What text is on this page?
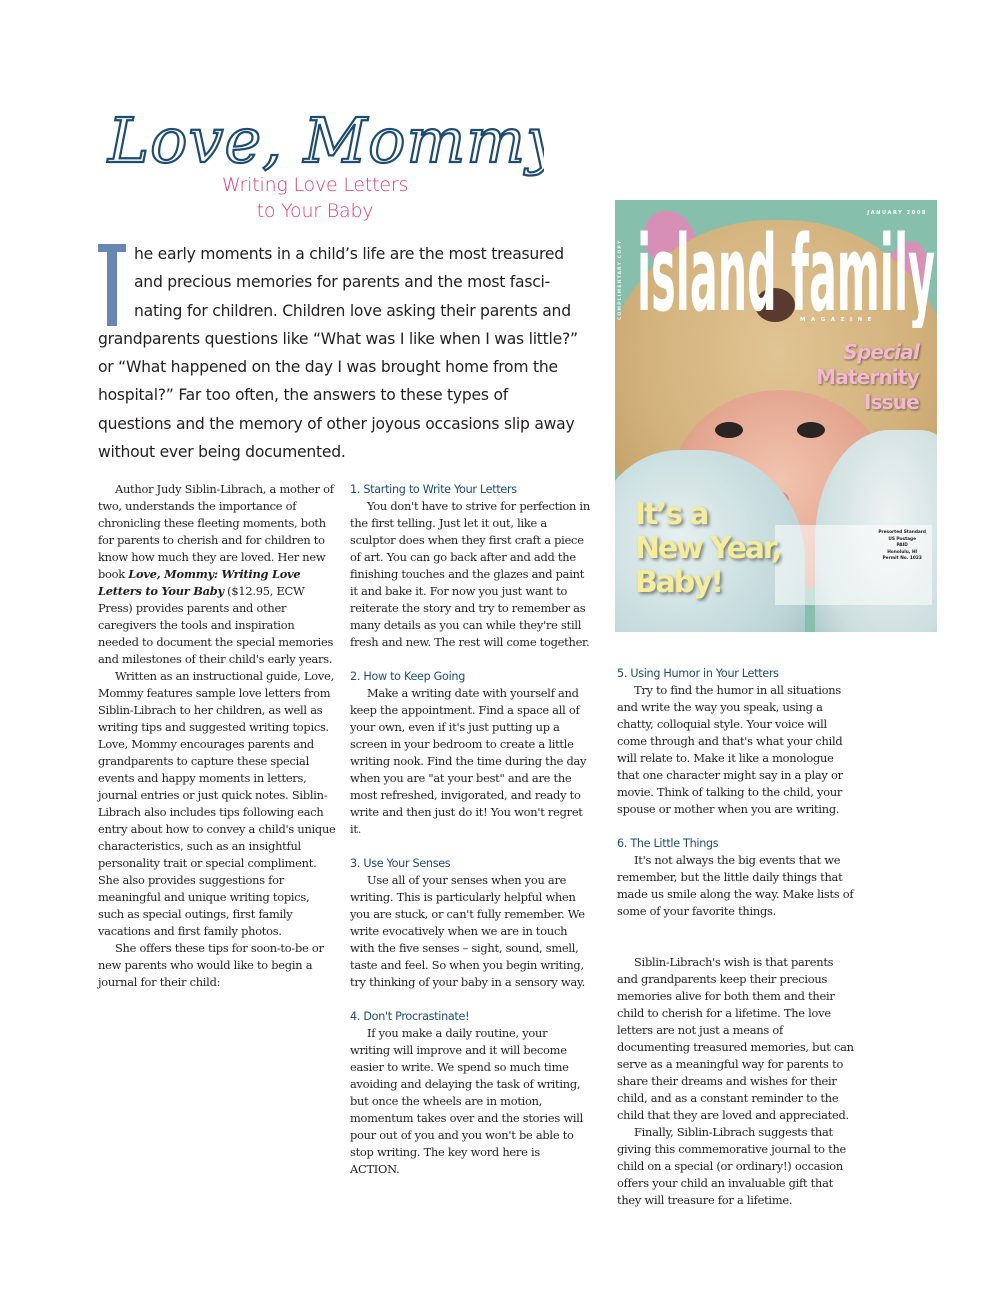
Love, Mommy
Writing Love Letters
to Your Baby

he early moments in a child’s life are the most treasured and precious memories for parents and the most fasci-nating for children. Children love asking their parents and grandparents questions like “What was I like when I was little?” or “What happened on the day I was brought home from the hospital?” Far too often, the answers to these types of questions and the memory of other joyous occasions slip away without ever being documented.

Author Judy Siblin-Librach, a mother of two, understands the importance of chronicling these fleeting moments, both for parents to cherish and for children to know how much they are loved. Her new book Love, Mommy: Writing Love Letters to Your Baby ($12.95, ECW Press) provides parents and other caregivers the tools and inspiration needed to document the special memories and milestones of their child's early years.

Written as an instructional guide, Love, Mommy features sample love letters from Siblin-Librach to her children, as well as writing tips and suggested writing topics. Love, Mommy encourages parents and grandparents to capture these special events and happy moments in letters, journal entries or just quick notes. Siblin-Librach also includes tips following each entry about how to convey a child's unique characteristics, such as an insightful personality trait or special compliment. She also provides suggestions for meaningful and unique writing topics, such as special outings, first family vacations and first family photos.

She offers these tips for soon-to-be or new parents who would like to begin a journal for their child:

1. Starting to Write Your Letters

You don't have to strive for perfection in the first telling. Just let it out, like a sculptor does when they first craft a piece of art. You can go back after and add the finishing touches and the glazes and paint it and bake it. For now you just want to reiterate the story and try to remember as many details as you can while they're still fresh and new. The rest will come together.

2. How to Keep Going

Make a writing date with yourself and keep the appointment. Find a space all of your own, even if it's just putting up a screen in your bedroom to create a little writing nook. Find the time during the day when you are "at your best" and are the most refreshed, invigorated, and ready to write and then just do it! You won't regret it.

3. Use Your Senses

Use all of your senses when you are writing. This is particularly helpful when you are stuck, or can't fully remember. We write evocatively when we are in touch with the five senses – sight, sound, smell, taste and feel. So when you begin writing, try thinking of your baby in a sensory way.

4. Don't Procrastinate!

If you make a daily routine, your writing will improve and it will become easier to write. We spend so much time avoiding and delaying the task of writing, but once the wheels are in motion, momentum takes over and the stories will pour out of you and you won't be able to stop writing. The key word here is ACTION.

JANUARY 2008
COMPLIMENTARY COPY island family
MAGAZINE
Special
Maternity
Issue
Presorted Standard
US Postage
PAID
Honolulu, HI
Permit No. 1023
It’s a
New Year,
Baby!
5. Using Humor in Your Letters

Try to find the humor in all situations and write the way you speak, using a chatty, colloquial style. Your voice will come through and that's what your child will relate to. Make it like a monologue that one character might say in a play or movie. Think of talking to the child, your spouse or mother when you are writing.

6. The Little Things

It's not always the big events that we remember, but the little daily things that made us smile along the way. Make lists of some of your favorite things.

Siblin-Librach's wish is that parents and grandparents keep their precious memories alive for both them and their child to cherish for a lifetime. The love letters are not just a means of documenting treasured memories, but can serve as a meaningful way for parents to share their dreams and wishes for their child, and as a constant reminder to the child that they are loved and appreciated.

Finally, Siblin-Librach suggests that giving this commemorative journal to the child on a special (or ordinary!) occasion offers your child an invaluable gift that they will treasure for a lifetime.
